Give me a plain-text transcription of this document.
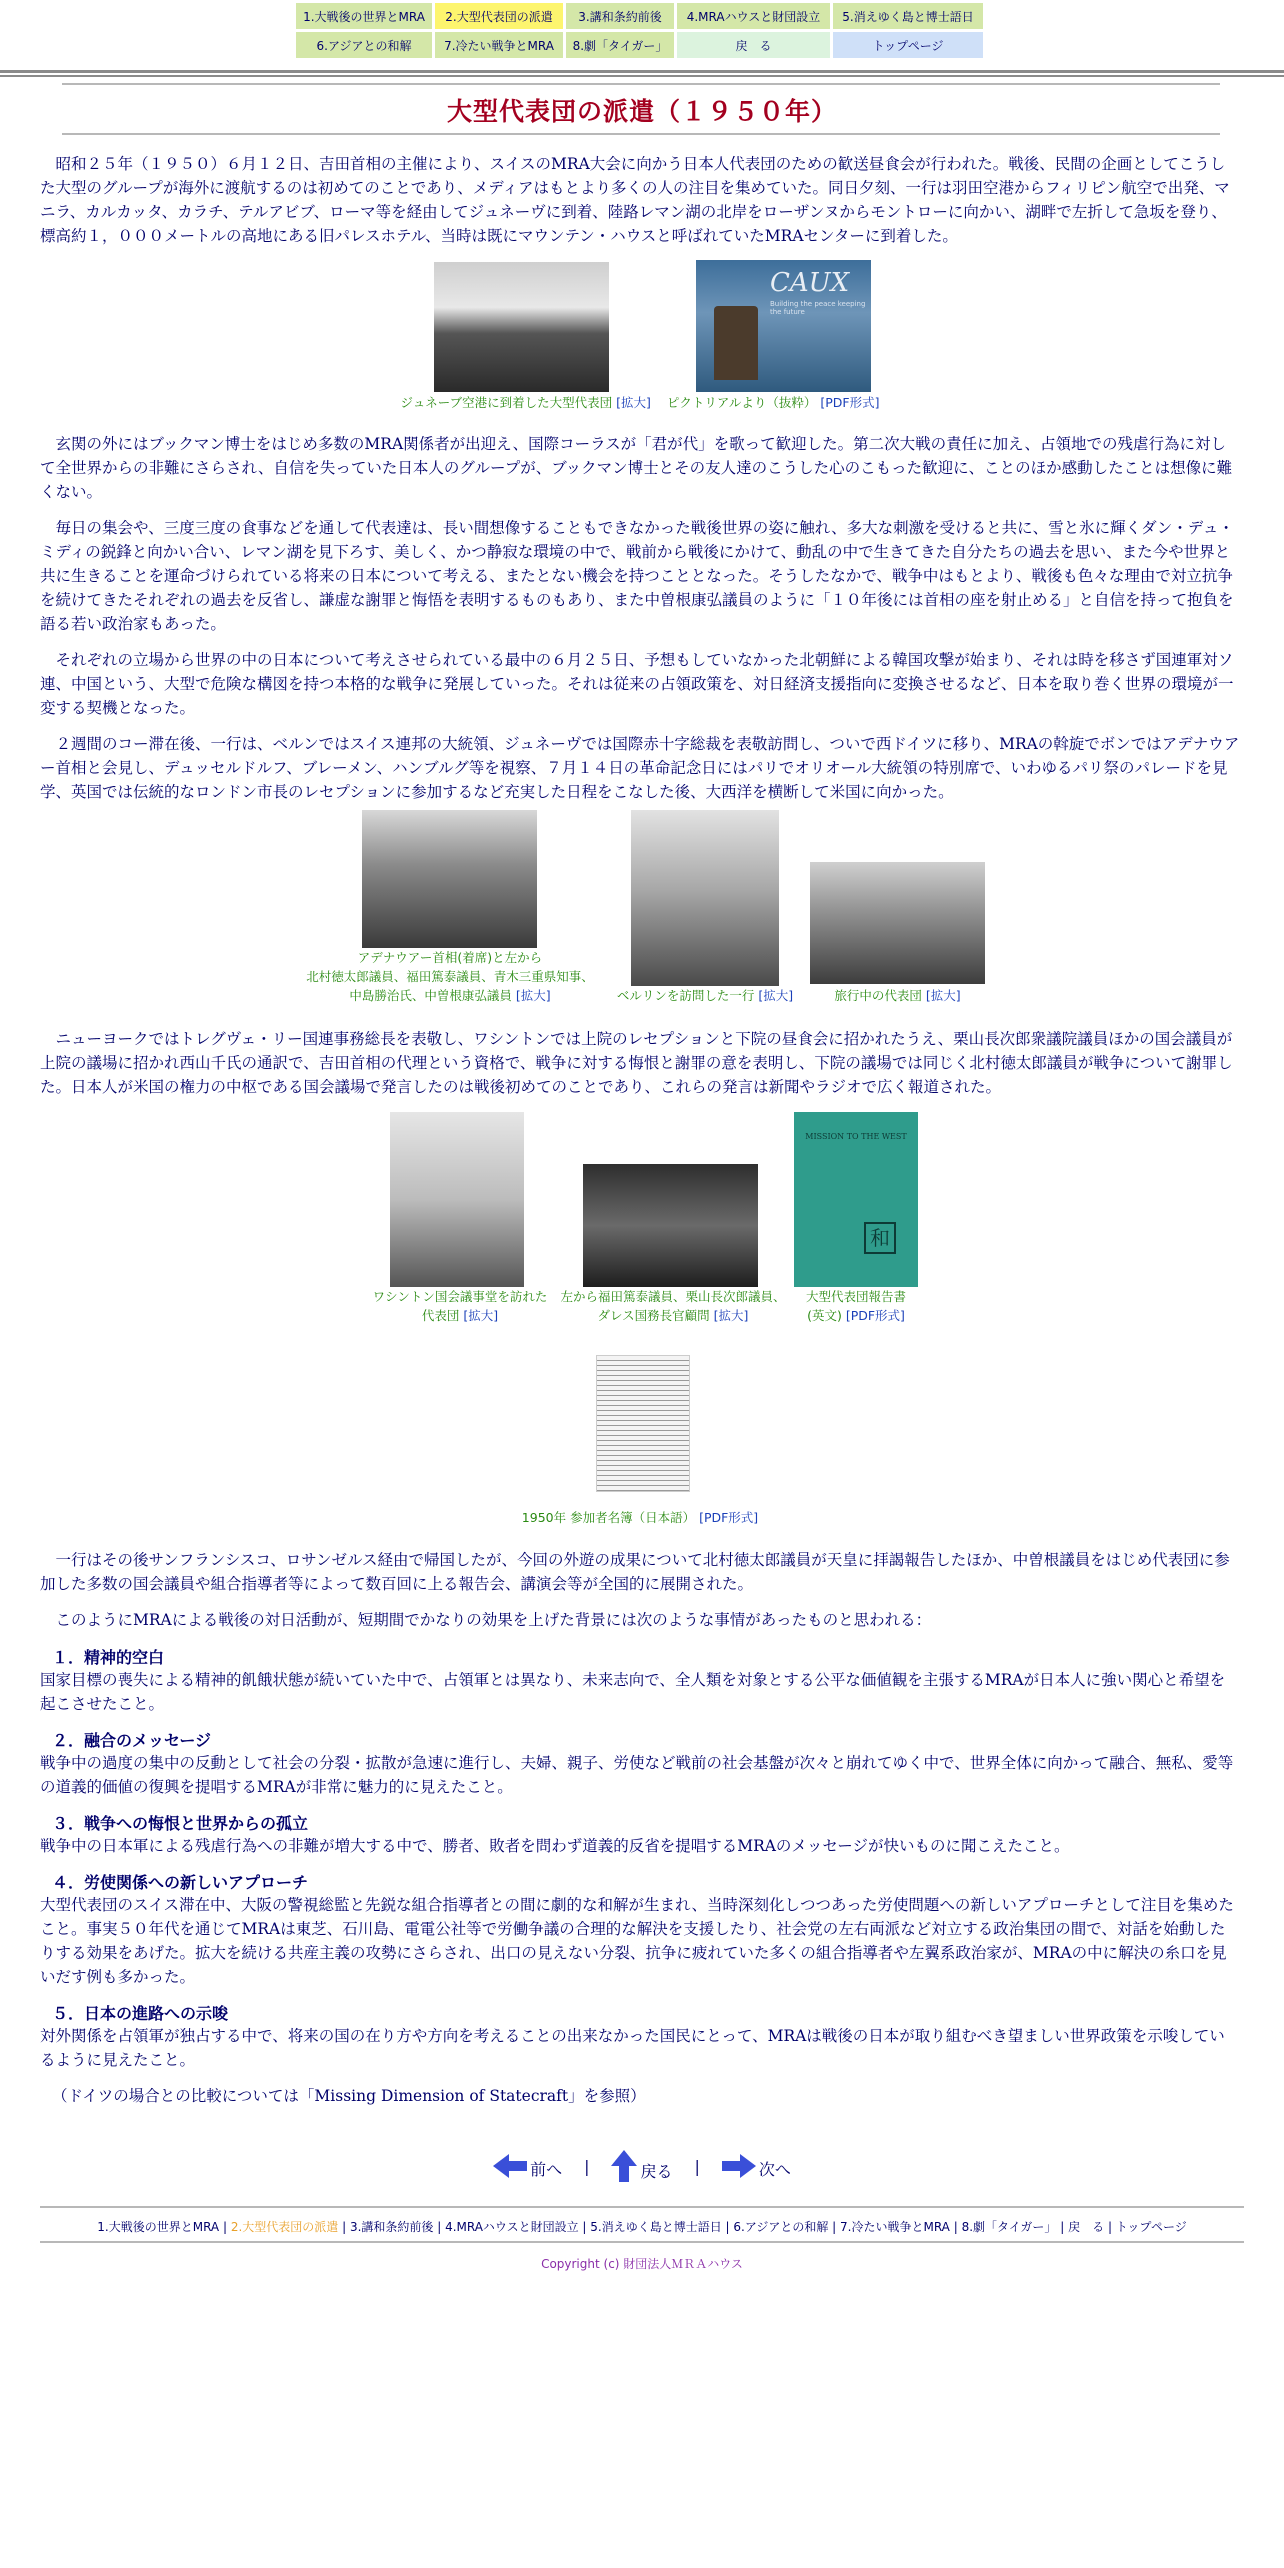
1.大戦後の世界とMRA	2.大型代表団の派遣	3.講和条約前後	4.MRAハウスと財団設立	5.消えゆく島と博士語日
6.アジアとの和解	7.冷たい戦争とMRA	8.劇「タイガー」	戻　る	トップページ
大型代表団の派遣（１９５０年）

昭和２５年（１９５０）６月１２日、吉田首相の主催により、スイスのMRA大会に向かう日本人代表団のための歓送昼食会が行われた。戦後、民間の企画としてこうした大型のグループが海外に渡航するのは初めてのことであり、メディアはもとより多くの人の注目を集めていた。同日夕刻、一行は羽田空港からフィリピン航空で出発、マニラ、カルカッタ、カラチ、テルアビブ、ローマ等を経由してジュネーヴに到着、陸路レマン湖の北岸をローザンヌからモントローに向かい、湖畔で左折して急坂を登り、標高約１，０００メートルの高地にある旧パレスホテル、当時は既にマウンテン・ハウスと呼ばれていたMRAセンターに到着した。

CAUX
Building the peace keeping the future
ジュネーブ空港に到着した大型代表団 [拡大] ピクトリアルより（抜粋） [PDF形式]

玄関の外にはブックマン博士をはじめ多数のMRA関係者が出迎え、国際コーラスが「君が代」を歌って歓迎した。第二次大戦の責任に加え、占領地での残虐行為に対して全世界からの非難にさらされ、自信を失っていた日本人のグループが、ブックマン博士とその友人達のこうした心のこもった歓迎に、ことのほか感動したことは想像に難くない。

毎日の集会や、三度三度の食事などを通して代表達は、長い間想像することもできなかった戦後世界の姿に触れ、多大な刺激を受けると共に、雪と氷に輝くダン・デュ・ミディの鋭鋒と向かい合い、レマン湖を見下ろす、美しく、かつ静寂な環境の中で、戦前から戦後にかけて、動乱の中で生きてきた自分たちの過去を思い、また今や世界と共に生きることを運命づけられている将来の日本について考える、またとない機会を持つこととなった。そうしたなかで、戦争中はもとより、戦後も色々な理由で対立抗争を続けてきたそれぞれの過去を反省し、謙虚な謝罪と悔悟を表明するものもあり、また中曽根康弘議員のように「１０年後には首相の座を射止める」と自信を持って抱負を語る若い政治家もあった。

それぞれの立場から世界の中の日本について考えさせられている最中の６月２５日、予想もしていなかった北朝鮮による韓国攻撃が始まり、それは時を移さず国連軍対ソ連、中国という、大型で危険な構図を持つ本格的な戦争に発展していった。それは従来の占領政策を、対日経済支援指向に変換させるなど、日本を取り巻く世界の環境が一変する契機となった。

２週間のコー滞在後、一行は、ベルンではスイス連邦の大統領、ジュネーヴでは国際赤十字総裁を表敬訪問し、ついで西ドイツに移り、MRAの斡旋でボンではアデナウアー首相と会見し、デュッセルドルフ、ブレーメン、ハンブルグ等を視察、７月１４日の革命記念日にはパリでオリオール大統領の特別席で、いわゆるパリ祭のパレードを見学、英国では伝統的なロンドン市長のレセプションに参加するなど充実した日程をこなした後、大西洋を横断して米国に向かった。

アデナウアー首相(着席)と左から
北村徳太郎議員、福田篤泰議員、青木三重県知事、
中島勝治氏、中曽根康弘議員 [拡大]	ベルリンを訪問した一行 [拡大]	旅行中の代表団 [拡大]

ニューヨークではトレグヴェ・リー国連事務総長を表敬し、ワシントンでは上院のレセプションと下院の昼食会に招かれたうえ、栗山長次郎衆議院議員ほかの国会議員が上院の議場に招かれ西山千氏の通訳で、吉田首相の代理という資格で、戦争に対する悔恨と謝罪の意を表明し、下院の議場では同じく北村徳太郎議員が戦争について謝罪した。日本人が米国の権力の中枢である国会議場で発言したのは戦後初めてのことであり、これらの発言は新聞やラジオで広く報道された。

MISSION TO THE WEST
和
ワシントン国会議事堂を訪れた
代表団 [拡大]
左から福田篤泰議員、栗山長次郎議員、
ダレス国務長官顧問 [拡大]
大型代表団報告書
(英文) [PDF形式]
1950年 参加者名簿（日本語） [PDF形式]

一行はその後サンフランシスコ、ロサンゼルス経由で帰国したが、今回の外遊の成果について北村徳太郎議員が天皇に拝謁報告したほか、中曽根議員をはじめ代表団に参加した多数の国会議員や組合指導者等によって数百回に上る報告会、講演会等が全国的に展開された。

このようにMRAによる戦後の対日活動が、短期間でかなりの効果を上げた背景には次のような事情があったものと思われる：

１．精神的空白

国家目標の喪失による精神的飢餓状態が続いていた中で、占領軍とは異なり、未来志向で、全人類を対象とする公平な価値観を主張するMRAが日本人に強い関心と希望を起こさせたこと。

２．融合のメッセージ

戦争中の過度の集中の反動として社会の分裂・拡散が急速に進行し、夫婦、親子、労使など戦前の社会基盤が次々と崩れてゆく中で、世界全体に向かって融合、無私、愛等の道義的価値の復興を提唱するMRAが非常に魅力的に見えたこと。

３．戦争への悔恨と世界からの孤立

戦争中の日本軍による残虐行為への非難が増大する中で、勝者、敗者を問わず道義的反省を提唱するMRAのメッセージが快いものに聞こえたこと。

４．労使関係への新しいアプローチ

大型代表団のスイス滞在中、大阪の警視総監と先鋭な組合指導者との間に劇的な和解が生まれ、当時深刻化しつつあった労使問題への新しいアプローチとして注目を集めたこと。事実５０年代を通じてMRAは東芝、石川島、電電公社等で労働争議の合理的な解決を支援したり、社会党の左右両派など対立する政治集団の間で、対話を始動したりする効果をあげた。拡大を続ける共産主義の攻勢にさらされ、出口の見えない分裂、抗争に疲れていた多くの組合指導者や左翼系政治家が、MRAの中に解決の糸口を見いだす例も多かった。

５．日本の進路への示唆

対外関係を占領軍が独占する中で、将来の国の在り方や方向を考えることの出来なかった国民にとって、MRAは戦後の日本が取り組むべき望ましい世界政策を示唆しているように見えたこと。

（ドイツの場合との比較については「Missing Dimension of Statecraft」を参照）

前へ |	戻る |	次へ
1.大戦後の世界とMRA | 2.大型代表団の派遣 | 3.講和条約前後 | 4.MRAハウスと財団設立 | 5.消えゆく島と博士語日 | 6.アジアとの和解 | 7.冷たい戦争とMRA | 8.劇「タイガー」 | 戻　る | トップページ
Copyright (c) 財団法人ＭＲＡハウス
